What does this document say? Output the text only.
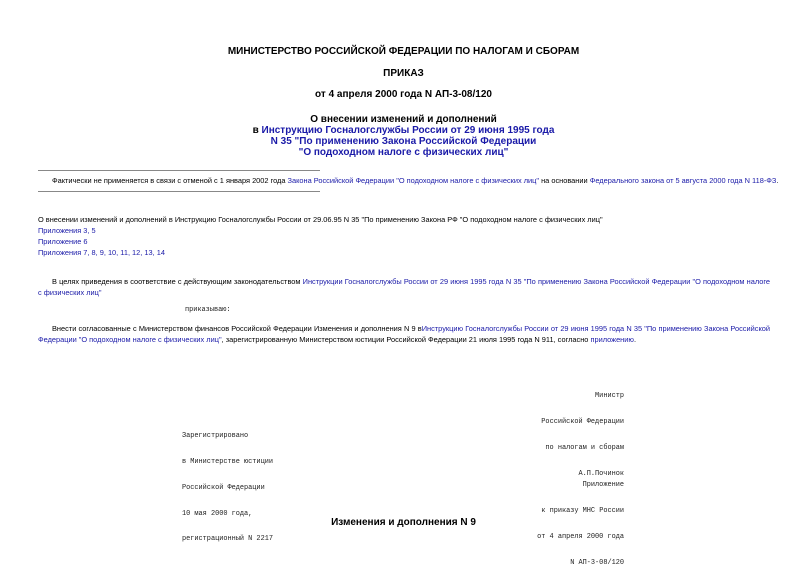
МИНИСТЕРСТВО РОССИЙСКОЙ ФЕДЕРАЦИИ ПО НАЛОГАМ И СБОРАМ
ПРИКАЗ
от 4 апреля 2000 года N АП-3-08/120
О внесении изменений и дополнений
в Инструкцию Госналогслужбы России от 29 июня 1995 года
N 35 "По применению Закона Российской Федерации
"О подоходном налоге с физических лиц"
Фактически не применяется в связи с отменой с 1 января 2002 года Закона Российской Федерации "О подоходном налоге с физических лиц" на основании Федерального закона от 5 августа 2000 года N 118-ФЗ.
О внесении изменений и дополнений в Инструкцию Госналогслужбы России от 29.06.95 N 35 "По применению Закона РФ "О подоходном налоге с физических лиц"
Приложения 3, 5
Приложение 6
Приложения 7, 8, 9, 10, 11, 12, 13, 14
В целях приведения в соответствие с действующим законодательством Инструкции Госналогслужбы России от 29 июня 1995 года N 35 "По применению Закона Российской Федерации "О подоходном налоге с физических лиц"
приказываю:
Внести согласованные с Министерством финансов Российской Федерации Изменения и дополнения N 9 вИнструкцию Госналогслужбы России от 29 июня 1995 года N 35 "По применению Закона Российской Федерации "О подоходном налоге с физических лиц", зарегистрированную Министерством юстиции Российской Федерации 21 июля 1995 года N 911, согласно приложению.

Министр

Российской Федерации

по налогам и сборам

А.П.Починок

Зарегистрировано

в Министерстве юстиции

Российской Федерации

10 мая 2000 года,

регистрационный N 2217

Приложение

к приказу МНС России

от 4 апреля 2000 года

N АП-3-08/120

Изменения и дополнения N 9
